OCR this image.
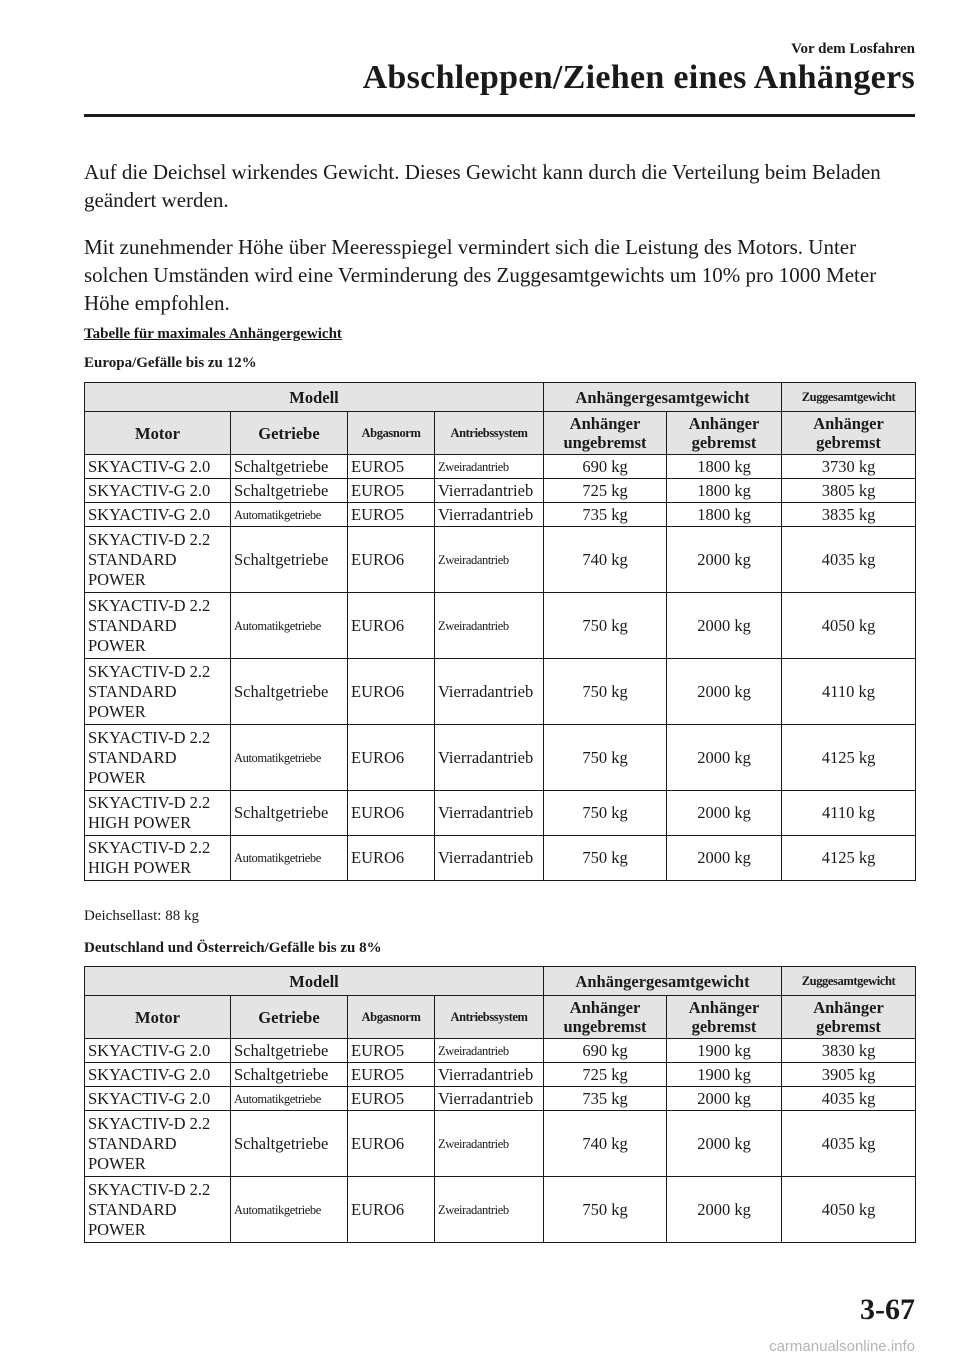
Vor dem Losfahren
Abschleppen/Ziehen eines Anhängers
Auf die Deichsel wirkendes Gewicht. Dieses Gewicht kann durch die Verteilung beim Beladen geändert werden.
Mit zunehmender Höhe über Meeresspiegel vermindert sich die Leistung des Motors. Unter solchen Umständen wird eine Verminderung des Zuggesamtgewichts um 10% pro 1000 Meter Höhe empfohlen.
Tabelle für maximales Anhängergewicht
Europa/Gefälle bis zu 12%
Modell				Anhängergesamtgewicht		Zuggesamtgewicht
Motor	Getriebe	Abgasnorm	Antriebssystem	Anhänger ungebremst	Anhänger gebremst	Anhänger gebremst
SKYACTIV-G 2.0	Schaltgetriebe	EURO5	Zweiradantrieb	690 kg	1800 kg	3730 kg
SKYACTIV-G 2.0	Schaltgetriebe	EURO5	Vierradantrieb	725 kg	1800 kg	3805 kg
SKYACTIV-G 2.0	Automatikgetriebe	EURO5	Vierradantrieb	735 kg	1800 kg	3835 kg
SKYACTIV-D 2.2 STANDARD POWER	Schaltgetriebe	EURO6	Zweiradantrieb	740 kg	2000 kg	4035 kg
SKYACTIV-D 2.2 STANDARD POWER	Automatikgetriebe	EURO6	Zweiradantrieb	750 kg	2000 kg	4050 kg
SKYACTIV-D 2.2 STANDARD POWER	Schaltgetriebe	EURO6	Vierradantrieb	750 kg	2000 kg	4110 kg
SKYACTIV-D 2.2 STANDARD POWER	Automatikgetriebe	EURO6	Vierradantrieb	750 kg	2000 kg	4125 kg
SKYACTIV-D 2.2 HIGH POWER	Schaltgetriebe	EURO6	Vierradantrieb	750 kg	2000 kg	4110 kg
SKYACTIV-D 2.2 HIGH POWER	Automatikgetriebe	EURO6	Vierradantrieb	750 kg	2000 kg	4125 kg
Deichsellast: 88 kg
Deutschland und Österreich/Gefälle bis zu 8%
Modell				Anhängergesamtgewicht		Zuggesamtgewicht
Motor	Getriebe	Abgasnorm	Antriebssystem	Anhänger ungebremst	Anhänger gebremst	Anhänger gebremst
SKYACTIV-G 2.0	Schaltgetriebe	EURO5	Zweiradantrieb	690 kg	1900 kg	3830 kg
SKYACTIV-G 2.0	Schaltgetriebe	EURO5	Vierradantrieb	725 kg	1900 kg	3905 kg
SKYACTIV-G 2.0	Automatikgetriebe	EURO5	Vierradantrieb	735 kg	2000 kg	4035 kg
SKYACTIV-D 2.2 STANDARD POWER	Schaltgetriebe	EURO6	Zweiradantrieb	740 kg	2000 kg	4035 kg
SKYACTIV-D 2.2 STANDARD POWER	Automatikgetriebe	EURO6	Zweiradantrieb	750 kg	2000 kg	4050 kg
3-67
carmanualsonline.info
